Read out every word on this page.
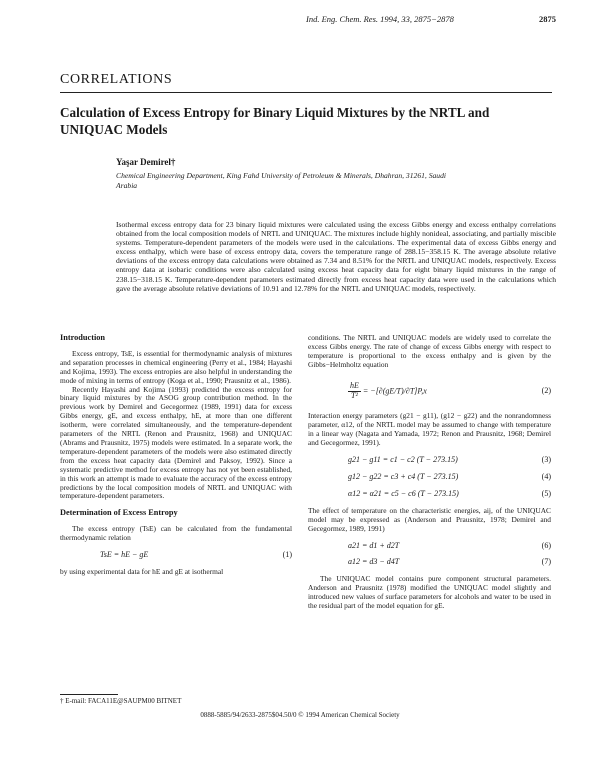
Ind. Eng. Chem. Res. 1994, 33, 2875−2878	2875
CORRELATIONS
Calculation of Excess Entropy for Binary Liquid Mixtures by the NRTL and UNIQUAC Models
Yaşar Demirel†
Chemical Engineering Department, King Fahd University of Petroleum & Minerals, Dhahran, 31261, Saudi Arabia
Isothermal excess entropy data for 23 binary liquid mixtures were calculated using the excess Gibbs energy and excess enthalpy correlations obtained from the local composition models of NRTL and UNIQUAC. The mixtures include highly nonideal, associating, and partially miscible systems. Temperature-dependent parameters of the models were used in the calculations. The experimental data of excess Gibbs energy and excess enthalpy, which were base of excess entropy data, covers the temperature range of 288.15−358.15 K. The average absolute relative deviations of the excess entropy data calculations were obtained as 7.34 and 8.51% for the NRTL and UNIQUAC models, respectively. Excess entropy data at isobaric conditions were also calculated using excess heat capacity data for eight binary liquid mixtures in the range of 238.15−318.15 K. Temperature-dependent parameters estimated directly from excess heat capacity data were used in the calculations which gave the average absolute relative deviations of 10.91 and 12.78% for the NRTL and UNIQUAC models, respectively.
Introduction

Excess entropy, TsE, is essential for thermodynamic analysis of mixtures and separation processes in chemical engineering (Perry et al., 1984; Hayashi and Kojima, 1993). The excess entropies are also helpful in understanding the mode of mixing in terms of entropy (Koga et al., 1990; Prausnitz et al., 1986).

Recently Hayashi and Kojima (1993) predicted the excess entropy for binary liquid mixtures by the ASOG group contribution method. In the previous work by Demirel and Gecegormez (1989, 1991) data for excess Gibbs energy, gE, and excess enthalpy, hE, at more than one different isotherm, were correlated simultaneously, and the temperature-dependent parameters of the NRTL (Renon and Prausnitz, 1968) and UNIQUAC (Abrams and Prausnitz, 1975) models were estimated. In a separate work, the temperature-dependent parameters of the models were also estimated directly from the excess heat capacity data (Demirel and Paksoy, 1992). Since a systematic predictive method for excess entropy has not yet been established, in this work an attempt is made to evaluate the accuracy of the excess entropy predictions by the local composition models of NRTL and UNIQUAC with temperature-dependent parameters.

Determination of Excess Entropy

The excess entropy (TsE) can be calculated from the fundamental thermodynamic relation

TsE = hE − gE	(1)

by using experimental data for hE and gE at isothermal

conditions. The NRTL and UNIQUAC models are widely used to correlate the excess Gibbs energy. The rate of change of excess Gibbs energy with respect to temperature is proportional to the excess enthalpy and is given by the Gibbs−Helmholtz equation

$\frac{hE}{\text{T²}} = -[\partial(gE/T)/\partial T]P,x$	(2)

Interaction energy parameters (g21 − g11), (g12 − g22) and the nonrandomness parameter, α12, of the NRTL model may be assumed to change with temperature in a linear way (Nagata and Yamada, 1972; Renon and Prausnitz, 1968; Demirel and Gecegormez, 1991).

g21 − g11 = c1 − c2 (T − 273.15)	(3)
g12 − g22 = c3 + c4 (T − 273.15)	(4)
α12 = α21 = c5 − c6 (T − 273.15)	(5)

The effect of temperature on the characteristic energies, aij, of the UNIQUAC model may be expressed as (Anderson and Prausnitz, 1978; Demirel and Gecegormez, 1989, 1991)

a21 = d1 + d2T	(6)
a12 = d3 − d4T	(7)

The UNIQUAC model contains pure component structural parameters. Anderson and Prausnitz (1978) modified the UNIQUAC model slightly and introduced new values of surface parameters for alcohols and water to be used in the residual part of the model equation for gE.

† E-mail: FACA11E@SAUPM00 BITNET
0888-5885/94/2633-2875$04.50/0 © 1994 American Chemical Society
